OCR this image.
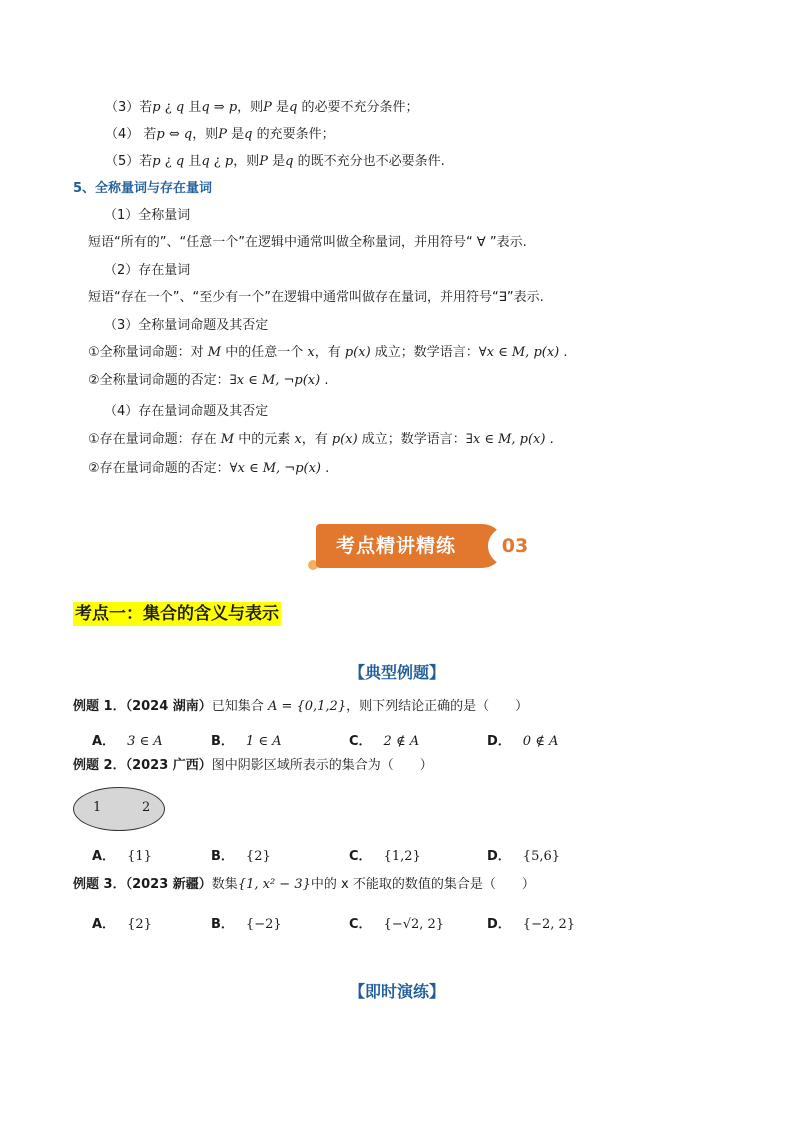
（3）若p ¿ q 且q ⇒ p，则P 是q 的必要不充分条件；
（4） 若p ⇔ q，则P 是q 的充要条件；
（5）若p ¿ q 且q ¿ p，则P 是q 的既不充分也不必要条件.
5、全称量词与存在量词
（1）全称量词
短语“所有的”、“任意一个”在逻辑中通常叫做全称量词，并用符号“ ∀ ”表示.
（2）存在量词
短语“存在一个”、“至少有一个”在逻辑中通常叫做存在量词，并用符号“∃”表示.
（3）全称量词命题及其否定
①全称量词命题：对 M 中的任意一个 x，有 p(x) 成立；数学语言：∀x ∈ M, p(x) .
②全称量词命题的否定：∃x ∈ M, ¬p(x) .
（4）存在量词命题及其否定
①存在量词命题：存在 M 中的元素 x，有 p(x) 成立；数学语言：∃x ∈ M, p(x) .
②存在量词命题的否定：∀x ∈ M, ¬p(x) .
考点精讲精练	03
考点一：集合的含义与表示
【典型例题】
例题 1．（2024 湖南）已知集合 A = {0,1,2}，则下列结论正确的是（　　）
A． 3 ∈ A	B． 1 ∈ A	C． 2 ∉ A	D． 0 ∉ A
例题 2．（2023 广西）图中阴影区域所表示的集合为（　　）
1	2
A． {1}	B． {2}	C． {1,2}	D． {5,6}
例题 3．（2023 新疆）数集{1, x² − 3}中的 x 不能取的数值的集合是（　　）
A． {2}	B． {−2}	C． {−√2, 2}	D． {−2, 2}
【即时演练】
